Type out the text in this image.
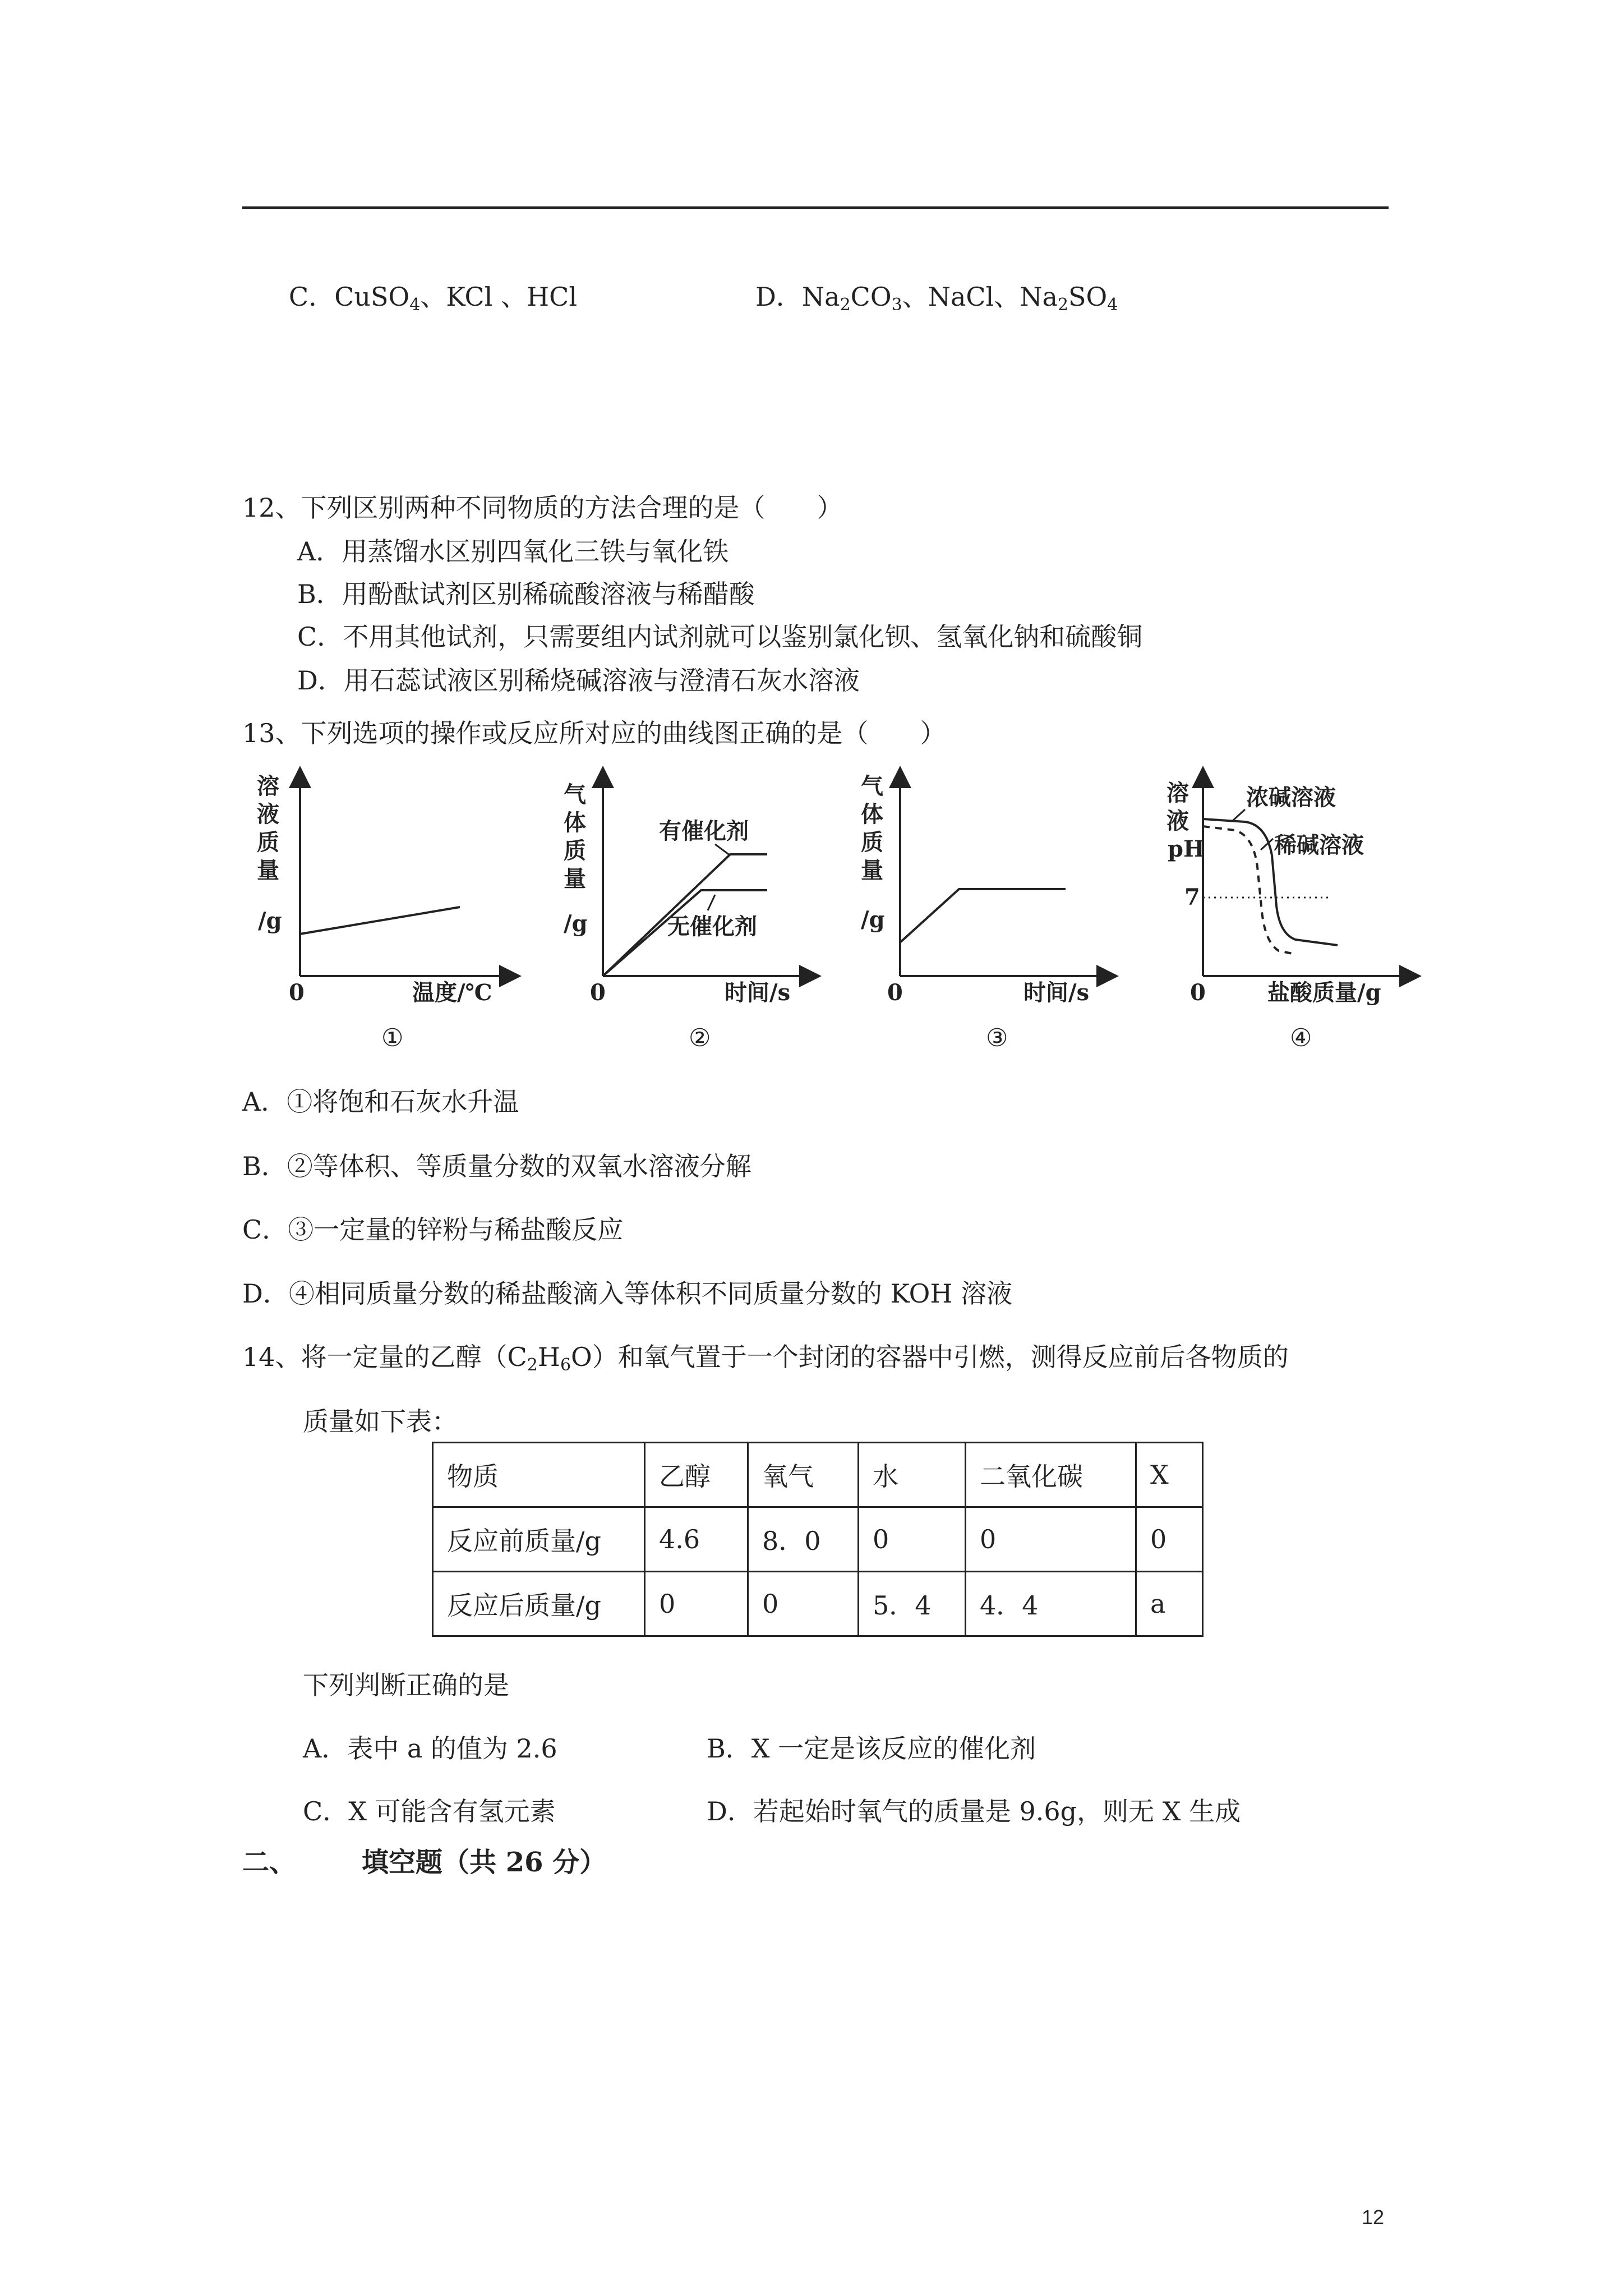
C．CuSO$_4$、KCl 、HCl	D．$Na_2CO_3$、NaCl、$Na_2SO_4$
12、下列区别两种不同物质的方法合理的是（　　）
A．用蒸馏水区别四氧化三铁与氧化铁
B．用酚酞试剂区别稀硫酸溶液与稀醋酸
C．不用其他试剂，只需要组内试剂就可以鉴别氯化钡、氢氧化钠和硫酸铜
D．用石蕊试液区别稀烧碱溶液与澄清石灰水溶液
13、下列选项的操作或反应所对应的曲线图正确的是（　　）
溶
液
质
量
/g
0	温度/℃
①
气
体
质
量
/g
有催化剂
无催化剂
0	时间/s
②
气
体
质
量
/g
0	时间/s
③
溶
液
pH
7
浓碱溶液
稀碱溶液
0	盐酸质量/g
④
A．①将饱和石灰水升温
B．②等体积、等质量分数的双氧水溶液分解
C．③一定量的锌粉与稀盐酸反应
D．④相同质量分数的稀盐酸滴入等体积不同质量分数的 KOH 溶液
14、将一定量的乙醇$(C_2H_6O)$和氧气置于一个封闭的容器中引燃，测得反应前后各物质的
质量如下表：
物质	乙醇	氧气	水	二氧化碳	X
反应前质量/g	4.6	8．0	0	0	0
反应后质量/g	0	0	5．4	4．4	a
下列判断正确的是
A．表中 a 的值为 2.6	B．X 一定是该反应的催化剂
C．X 可能含有氢元素	D．若起始时氧气的质量是 9.6g，则无 X 生成
二、 填空题（共 26 分）
12
